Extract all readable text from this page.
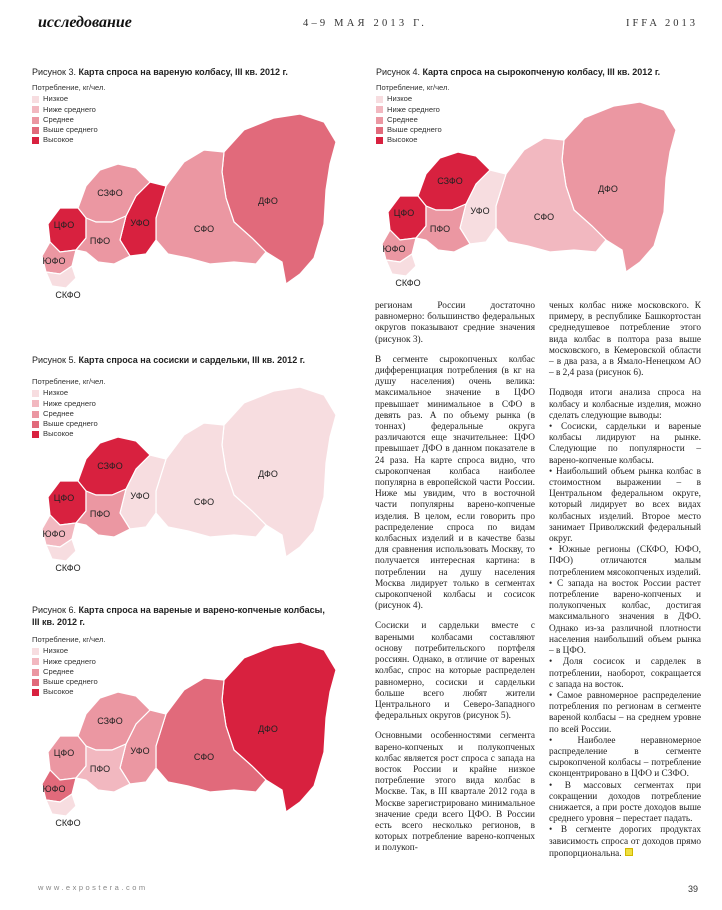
исследование	4–9 МАЯ 2013 Г.	IFFA 2013
Рисунок 3. Карта спроса на вареную колбасу, III кв. 2012 г.
Потребление, кг/чел.
Низкое
Ниже среднего
Среднее
Выше среднего
Высокое
ДФО
СФО
УФО
СЗФО
ЦФО
ПФО
ЮФО
СКФО
Рисунок 4. Карта спроса на сырокопченую колбасу, III кв. 2012 г.
Потребление, кг/чел.
Низкое
Ниже среднего
Среднее
Выше среднего
Высокое
ДФО
СФО
УФО
СЗФО
ЦФО
ПФО
ЮФО
СКФО
Рисунок 5. Карта спроса на сосиски и сардельки, III кв. 2012 г.
Потребление, кг/чел.
Низкое
Ниже среднего
Среднее
Выше среднего
Высокое
ДФО
СФО
УФО
СЗФО
ЦФО
ПФО
ЮФО
СКФО
Рисунок 6. Карта спроса на вареные и варено-копченые колбасы, III кв. 2012 г.
Потребление, кг/чел.
Низкое
Ниже среднего
Среднее
Выше среднего
Высокое
ДФО
СФО
УФО
СЗФО
ЦФО
ПФО
ЮФО
СКФО

регионам России достаточно равномерно: большинство федеральных округов показывают средние значения (рисунок 3).

В сегменте сырокопченых колбас дифференциация потребления (в кг на душу населения) очень велика: максимальное значение в ЦФО превышает минимальное в СФО в девять раз. А по объему рынка (в тоннах) федеральные округа различаются еще значительнее: ЦФО превышает ДФО в данном показателе в 24 раза. На карте спроса видно, что сырокопченая колбаса наиболее популярна в европейской части России. Ниже мы увидим, что в восточной части популярны варено-копченые изделия. В целом, если говорить про распределение спроса по видам колбасных изделий и в качестве базы для сравнения использовать Москву, то получается интересная картина: в потреблении на душу населения Москва лидирует только в сегментах сырокопченой колбасы и сосисок (рисунок 4).

Сосиски и сардельки вместе с вареными колбасами составляют основу потребительского портфеля россиян. Однако, в отличие от вареных колбас, спрос на которые распределен равномерно, сосиски и сардельки больше всего любят жители Центрального и Северо-Западного федеральных округов (рисунок 5).

Основными особенностями сегмента варено-копченых и полукопченых колбас является рост спроса с запада на восток России и крайне низкое потребление этого вида колбас в Москве. Так, в III квартале 2012 года в Москве зарегистрировано минимальное значение среди всего ЦФО. В России есть всего несколько регионов, в которых потребление варено-копченых и полукоп-

ченых колбас ниже московского. К примеру, в республике Башкортостан среднедушевое потребление этого вида колбас в полтора раза выше московского, в Кемеровской области – в два раза, а в Ямало-Ненецком АО – в 2,4 раза (рисунок 6).

Подводя итоги анализа спроса на колбасу и колбасные изделия, можно сделать следующие выводы:

• Сосиски, сардельки и вареные колбасы лидируют на рынке. Следующие по популярности – варено-копченые колбасы.

• Наибольший объем рынка колбас в стоимостном выражении – в Центральном федеральном округе, который лидирует во всех видах колбасных изделий. Второе место занимает Приволжский федеральный округ.

• Южные регионы (СКФО, ЮФО, ПФО) отличаются малым потреблением мясокопченых изделий.

• С запада на восток России растет потребление варено-копченых и полукопченых колбас, достигая максимального значения в ДФО. Однако из-за различной плотности населения наибольший объем рынка – в ЦФО.

• Доля сосисок и сарделек в потреблении, наоборот, сокращается с запада на восток.

• Самое равномерное распределение потребления по регионам в сегменте вареной колбасы – на среднем уровне по всей России.

• Наиболее неравномерное распределение в сегменте сырокопченой колбасы – потребление сконцентрировано в ЦФО и СЗФО.

• В массовых сегментах при сокращении доходов потребление снижается, а при росте доходов выше среднего уровня – перестает падать.

• В сегменте дорогих продуктах зависимость спроса от доходов прямо пропорциональна.

www.expostera.com	39
